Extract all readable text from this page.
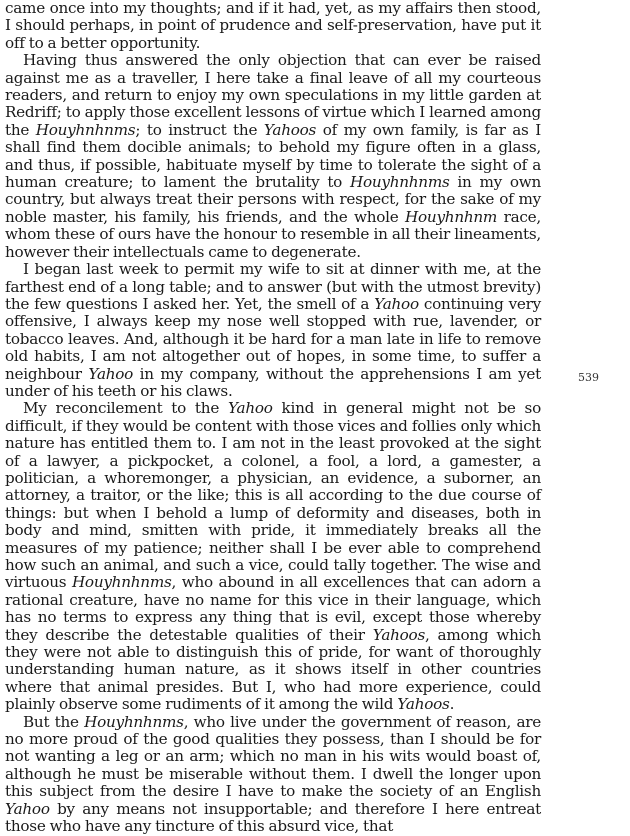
came once into my thoughts; and if it had, yet, as my affairs then stood, I should perhaps, in point of prudence and self-preservation, have put it off to a better opportunity.

Having thus answered the only objection that can ever be raised against me as a traveller, I here take a final leave of all my courteous readers, and return to enjoy my own speculations in my little garden at Redriff; to apply those excellent lessons of virtue which I learned among the Houyhnhnms; to instruct the Yahoos of my own family, is far as I shall find them docible animals; to behold my figure often in a glass, and thus, if possible, habituate myself by time to tolerate the sight of a human creature; to lament the brutality to Houyhnhnms in my own country, but always treat their persons with respect, for the sake of my noble master, his family, his friends, and the whole Houyhnhnm race, whom these of ours have the honour to resemble in all their lineaments, however their intellectuals came to degenerate.

I began last week to permit my wife to sit at dinner with me, at the farthest end of a long table; and to answer (but with the utmost brevity) the few questions I asked her. Yet, the smell of a Yahoo continuing very offensive, I always keep my nose well stopped with rue, lavender, or tobacco leaves. And, although it be hard for a man late in life to remove old habits, I am not altogether out of hopes, in some time, to suffer a neighbour Yahoo in my company, without the apprehensions I am yet under of his teeth or his claws.

My reconcilement to the Yahoo kind in general might not be so difficult, if they would be content with those vices and follies only which nature has entitled them to. I am not in the least provoked at the sight of a lawyer, a pickpocket, a colonel, a fool, a lord, a gamester, a politician, a whoremonger, a physician, an evidence, a suborner, an attorney, a traitor, or the like; this is all according to the due course of things: but when I behold a lump of deformity and diseases, both in body and mind, smitten with pride, it immediately breaks all the measures of my patience; neither shall I be ever able to comprehend how such an animal, and such a vice, could tally together. The wise and virtuous Houyhnhnms, who abound in all excellences that can adorn a rational creature, have no name for this vice in their language, which has no terms to express any thing that is evil, except those whereby they describe the detestable qualities of their Yahoos, among which they were not able to distinguish this of pride, for want of thoroughly understanding human nature, as it shows itself in other countries where that animal presides. But I, who had more experience, could plainly observe some rudiments of it among the wild Yahoos.

But the Houyhnhnms, who live under the government of reason, are no more proud of the good qualities they possess, than I should be for not wanting a leg or an arm; which no man in his wits would boast of, although he must be miserable without them. I dwell the longer upon this subject from the desire I have to make the society of an English Yahoo by any means not insupportable; and therefore I here entreat those who have any tincture of this absurd vice, that

539
